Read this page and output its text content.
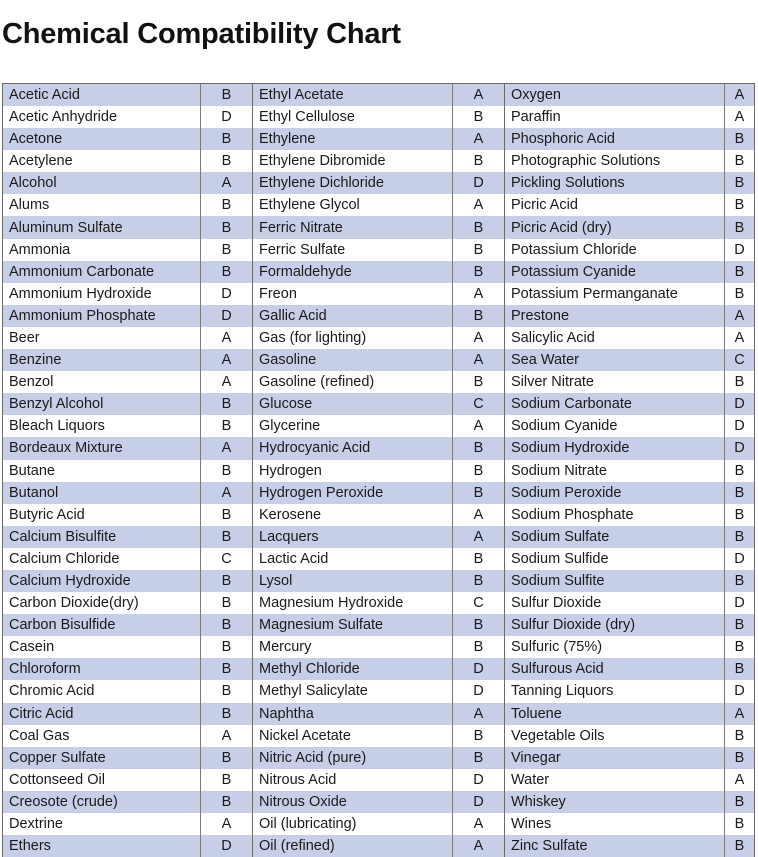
Chemical Compatibility Chart
Acetic Acid	B	Ethyl Acetate	A	Oxygen	A
Acetic Anhydride	D	Ethyl Cellulose	B	Paraffin	A
Acetone	B	Ethylene	A	Phosphoric Acid	B
Acetylene	B	Ethylene Dibromide	B	Photographic Solutions	B
Alcohol	A	Ethylene Dichloride	D	Pickling Solutions	B
Alums	B	Ethylene Glycol	A	Picric Acid	B
Aluminum Sulfate	B	Ferric Nitrate	B	Picric Acid (dry)	B
Ammonia	B	Ferric Sulfate	B	Potassium Chloride	D
Ammonium Carbonate	B	Formaldehyde	B	Potassium Cyanide	B
Ammonium Hydroxide	D	Freon	A	Potassium Permanganate	B
Ammonium Phosphate	D	Gallic Acid	B	Prestone	A
Beer	A	Gas (for lighting)	A	Salicylic Acid	A
Benzine	A	Gasoline	A	Sea Water	C
Benzol	A	Gasoline (refined)	B	Silver Nitrate	B
Benzyl Alcohol	B	Glucose	C	Sodium Carbonate	D
Bleach Liquors	B	Glycerine	A	Sodium Cyanide	D
Bordeaux Mixture	A	Hydrocyanic Acid	B	Sodium Hydroxide	D
Butane	B	Hydrogen	B	Sodium Nitrate	B
Butanol	A	Hydrogen Peroxide	B	Sodium Peroxide	B
Butyric Acid	B	Kerosene	A	Sodium Phosphate	B
Calcium Bisulfite	B	Lacquers	A	Sodium Sulfate	B
Calcium Chloride	C	Lactic Acid	B	Sodium Sulfide	D
Calcium Hydroxide	B	Lysol	B	Sodium Sulfite	B
Carbon Dioxide(dry)	B	Magnesium Hydroxide	C	Sulfur Dioxide	D
Carbon Bisulfide	B	Magnesium Sulfate	B	Sulfur Dioxide (dry)	B
Casein	B	Mercury	B	Sulfuric (75%)	B
Chloroform	B	Methyl Chloride	D	Sulfurous Acid	B
Chromic Acid	B	Methyl Salicylate	D	Tanning Liquors	D
Citric Acid	B	Naphtha	A	Toluene	A
Coal Gas	A	Nickel Acetate	B	Vegetable Oils	B
Copper Sulfate	B	Nitric Acid (pure)	B	Vinegar	B
Cottonseed Oil	B	Nitrous Acid	D	Water	A
Creosote (crude)	B	Nitrous Oxide	D	Whiskey	B
Dextrine	A	Oil (lubricating)	A	Wines	B
Ethers	D	Oil (refined)	A	Zinc Sulfate	B
